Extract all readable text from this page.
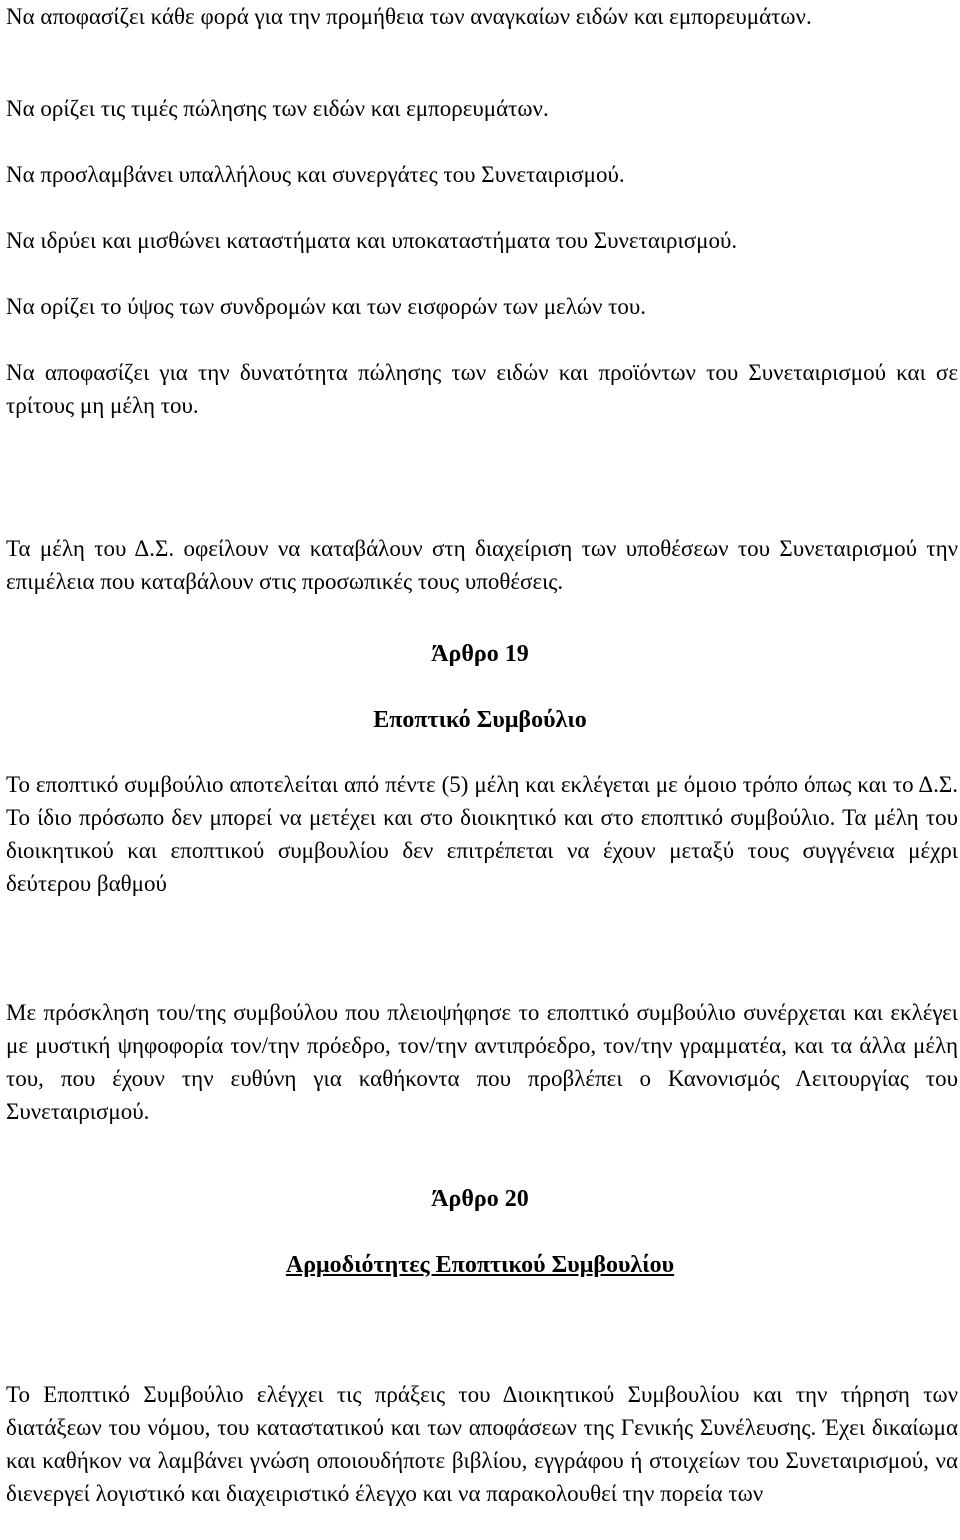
Να αποφασίζει κάθε φορά για την προμήθεια των αναγκαίων ειδών και εμπορευμάτων.

Να ορίζει τις τιμές πώλησης των ειδών και εμπορευμάτων.

Να προσλαμβάνει υπαλλήλους και συνεργάτες του Συνεταιρισμού.

Να ιδρύει και μισθώνει καταστήματα και υποκαταστήματα του Συνεταιρισμού.

Να ορίζει το ύψος των συνδρομών και των εισφορών των μελών του.

Να αποφασίζει για την δυνατότητα πώλησης των ειδών και προϊόντων του Συνεταιρισμού και σε τρίτους μη μέλη του.

Τα μέλη του Δ.Σ. οφείλουν να καταβάλουν στη διαχείριση των υποθέσεων του Συνεταιρισμού την επιμέλεια που καταβάλουν στις προσωπικές τους υποθέσεις.

Άρθρο 19
Εποπτικό Συμβούλιο

Το εποπτικό συμβούλιο αποτελείται από πέντε (5) μέλη και εκλέγεται με όμοιο τρόπο όπως και το Δ.Σ. Το ίδιο πρόσωπο δεν μπορεί να μετέχει και στο διοικητικό και στο εποπτικό συμβούλιο. Τα μέλη του διοικητικού και εποπτικού συμβουλίου δεν επιτρέπεται να έχουν μεταξύ τους συγγένεια μέχρι δεύτερου βαθμού

Με πρόσκληση του/της συμβούλου που πλειοψήφησε το εποπτικό συμβούλιο συνέρχεται και εκλέγει με μυστική ψηφοφορία τον/την πρόεδρο, τον/την αντιπρόεδρο, τον/την γραμματέα, και τα άλλα μέλη του, που έχουν την ευθύνη για καθήκοντα που προβλέπει ο Κανονισμός Λειτουργίας του Συνεταιρισμού.

Άρθρο 20
Αρμοδιότητες Εποπτικού Συμβουλίου

Το Εποπτικό Συμβούλιο ελέγχει τις πράξεις του Διοικητικού Συμβουλίου και την τήρηση των διατάξεων του νόμου, του καταστατικού και των αποφάσεων της Γενικής Συνέλευσης. Έχει δικαίωμα και καθήκον να λαμβάνει γνώση οποιουδήποτε βιβλίου, εγγράφου ή στοιχείων του Συνεταιρισμού, να διενεργεί λογιστικό και διαχειριστικό έλεγχο και να παρακολουθεί την πορεία των
